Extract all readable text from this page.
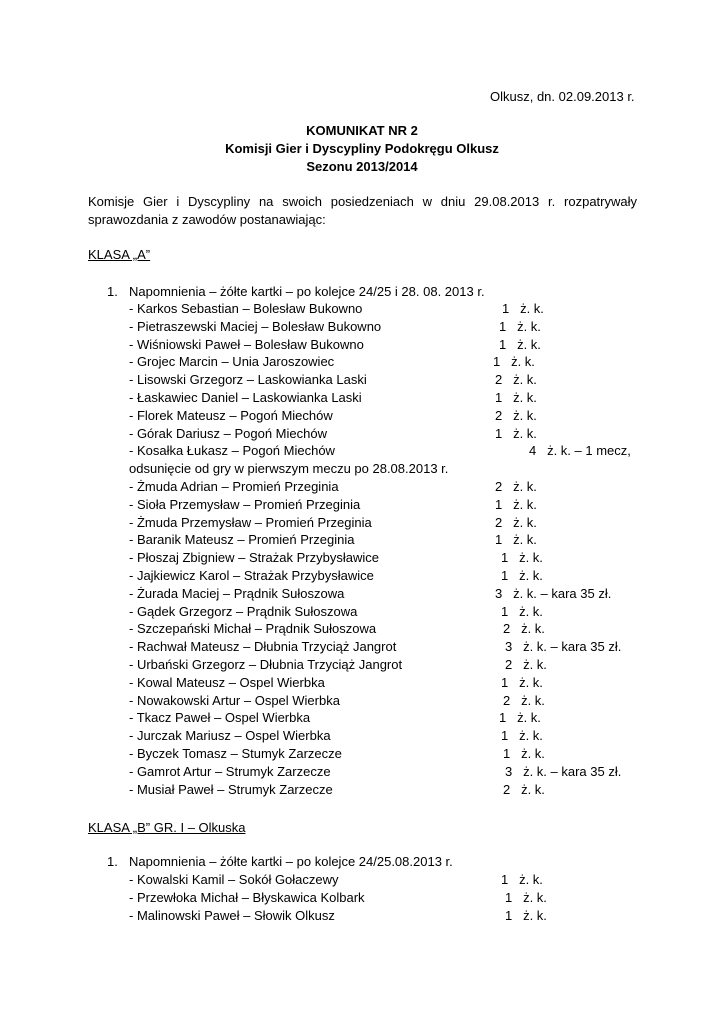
Olkusz, dn. 02.09.2013 r.
KOMUNIKAT NR 2
Komisji Gier i Dyscypliny Podokręgu Olkusz
Sezonu 2013/2014

Komisje Gier i Dyscypliny na swoich posiedzeniach w dniu 29.08.2013 r. rozpatrywały sprawozdania z zawodów postanawiając:

KLASA „A”
1. Napomnienia – żółte kartki – po kolejce 24/25 i 28. 08. 2013 r.
- Karkos Sebastian – Bolesław Bukowno	1   ż. k.
- Pietraszewski Maciej – Bolesław Bukowno	1   ż. k.
- Wiśniowski Paweł – Bolesław Bukowno	1   ż. k.
- Grojec Marcin – Unia Jaroszowiec	1   ż. k.
- Lisowski Grzegorz – Laskowianka Laski	2   ż. k.
- Łaskawiec Daniel – Laskowianka Laski	1   ż. k.
- Florek Mateusz – Pogoń Miechów	2   ż. k.
- Górak Dariusz – Pogoń Miechów	1   ż. k.
- Kosałka Łukasz – Pogoń Miechów	4   ż. k. – 1 mecz,
odsunięcie od gry w pierwszym meczu po 28.08.2013 r.
- Żmuda Adrian – Promień Przeginia	2   ż. k.
- Sioła Przemysław – Promień Przeginia	1   ż. k.
- Żmuda Przemysław – Promień Przeginia	2   ż. k.
- Baranik Mateusz – Promień Przeginia	1   ż. k.
- Płoszaj Zbigniew – Strażak Przybysławice	1   ż. k.
- Jajkiewicz Karol – Strażak Przybysławice	1   ż. k.
- Żurada Maciej – Prądnik Sułoszowa	3   ż. k. – kara 35 zł.
- Gądek Grzegorz – Prądnik Sułoszowa	1   ż. k.
- Szczepański Michał – Prądnik Sułoszowa	2   ż. k.
- Rachwał Mateusz – Dłubnia Trzyciąż Jangrot	3   ż. k. – kara 35 zł.
- Urbański Grzegorz – Dłubnia Trzyciąż Jangrot	2   ż. k.
- Kowal Mateusz – Ospel Wierbka	1   ż. k.
- Nowakowski Artur – Ospel Wierbka	2   ż. k.
- Tkacz Paweł – Ospel Wierbka	1   ż. k.
- Jurczak Mariusz – Ospel Wierbka	1   ż. k.
- Byczek Tomasz – Stumyk Zarzecze	1   ż. k.
- Gamrot Artur – Strumyk Zarzecze	3   ż. k. – kara 35 zł.
- Musiał Paweł – Strumyk Zarzecze	2   ż. k.
KLASA „B” GR. I – Olkuska
1. Napomnienia – żółte kartki – po kolejce 24/25.08.2013 r.
- Kowalski Kamil – Sokół Gołaczewy	1   ż. k.
- Przewłoka Michał – Błyskawica Kolbark	1   ż. k.
- Malinowski Paweł – Słowik Olkusz	1   ż. k.
